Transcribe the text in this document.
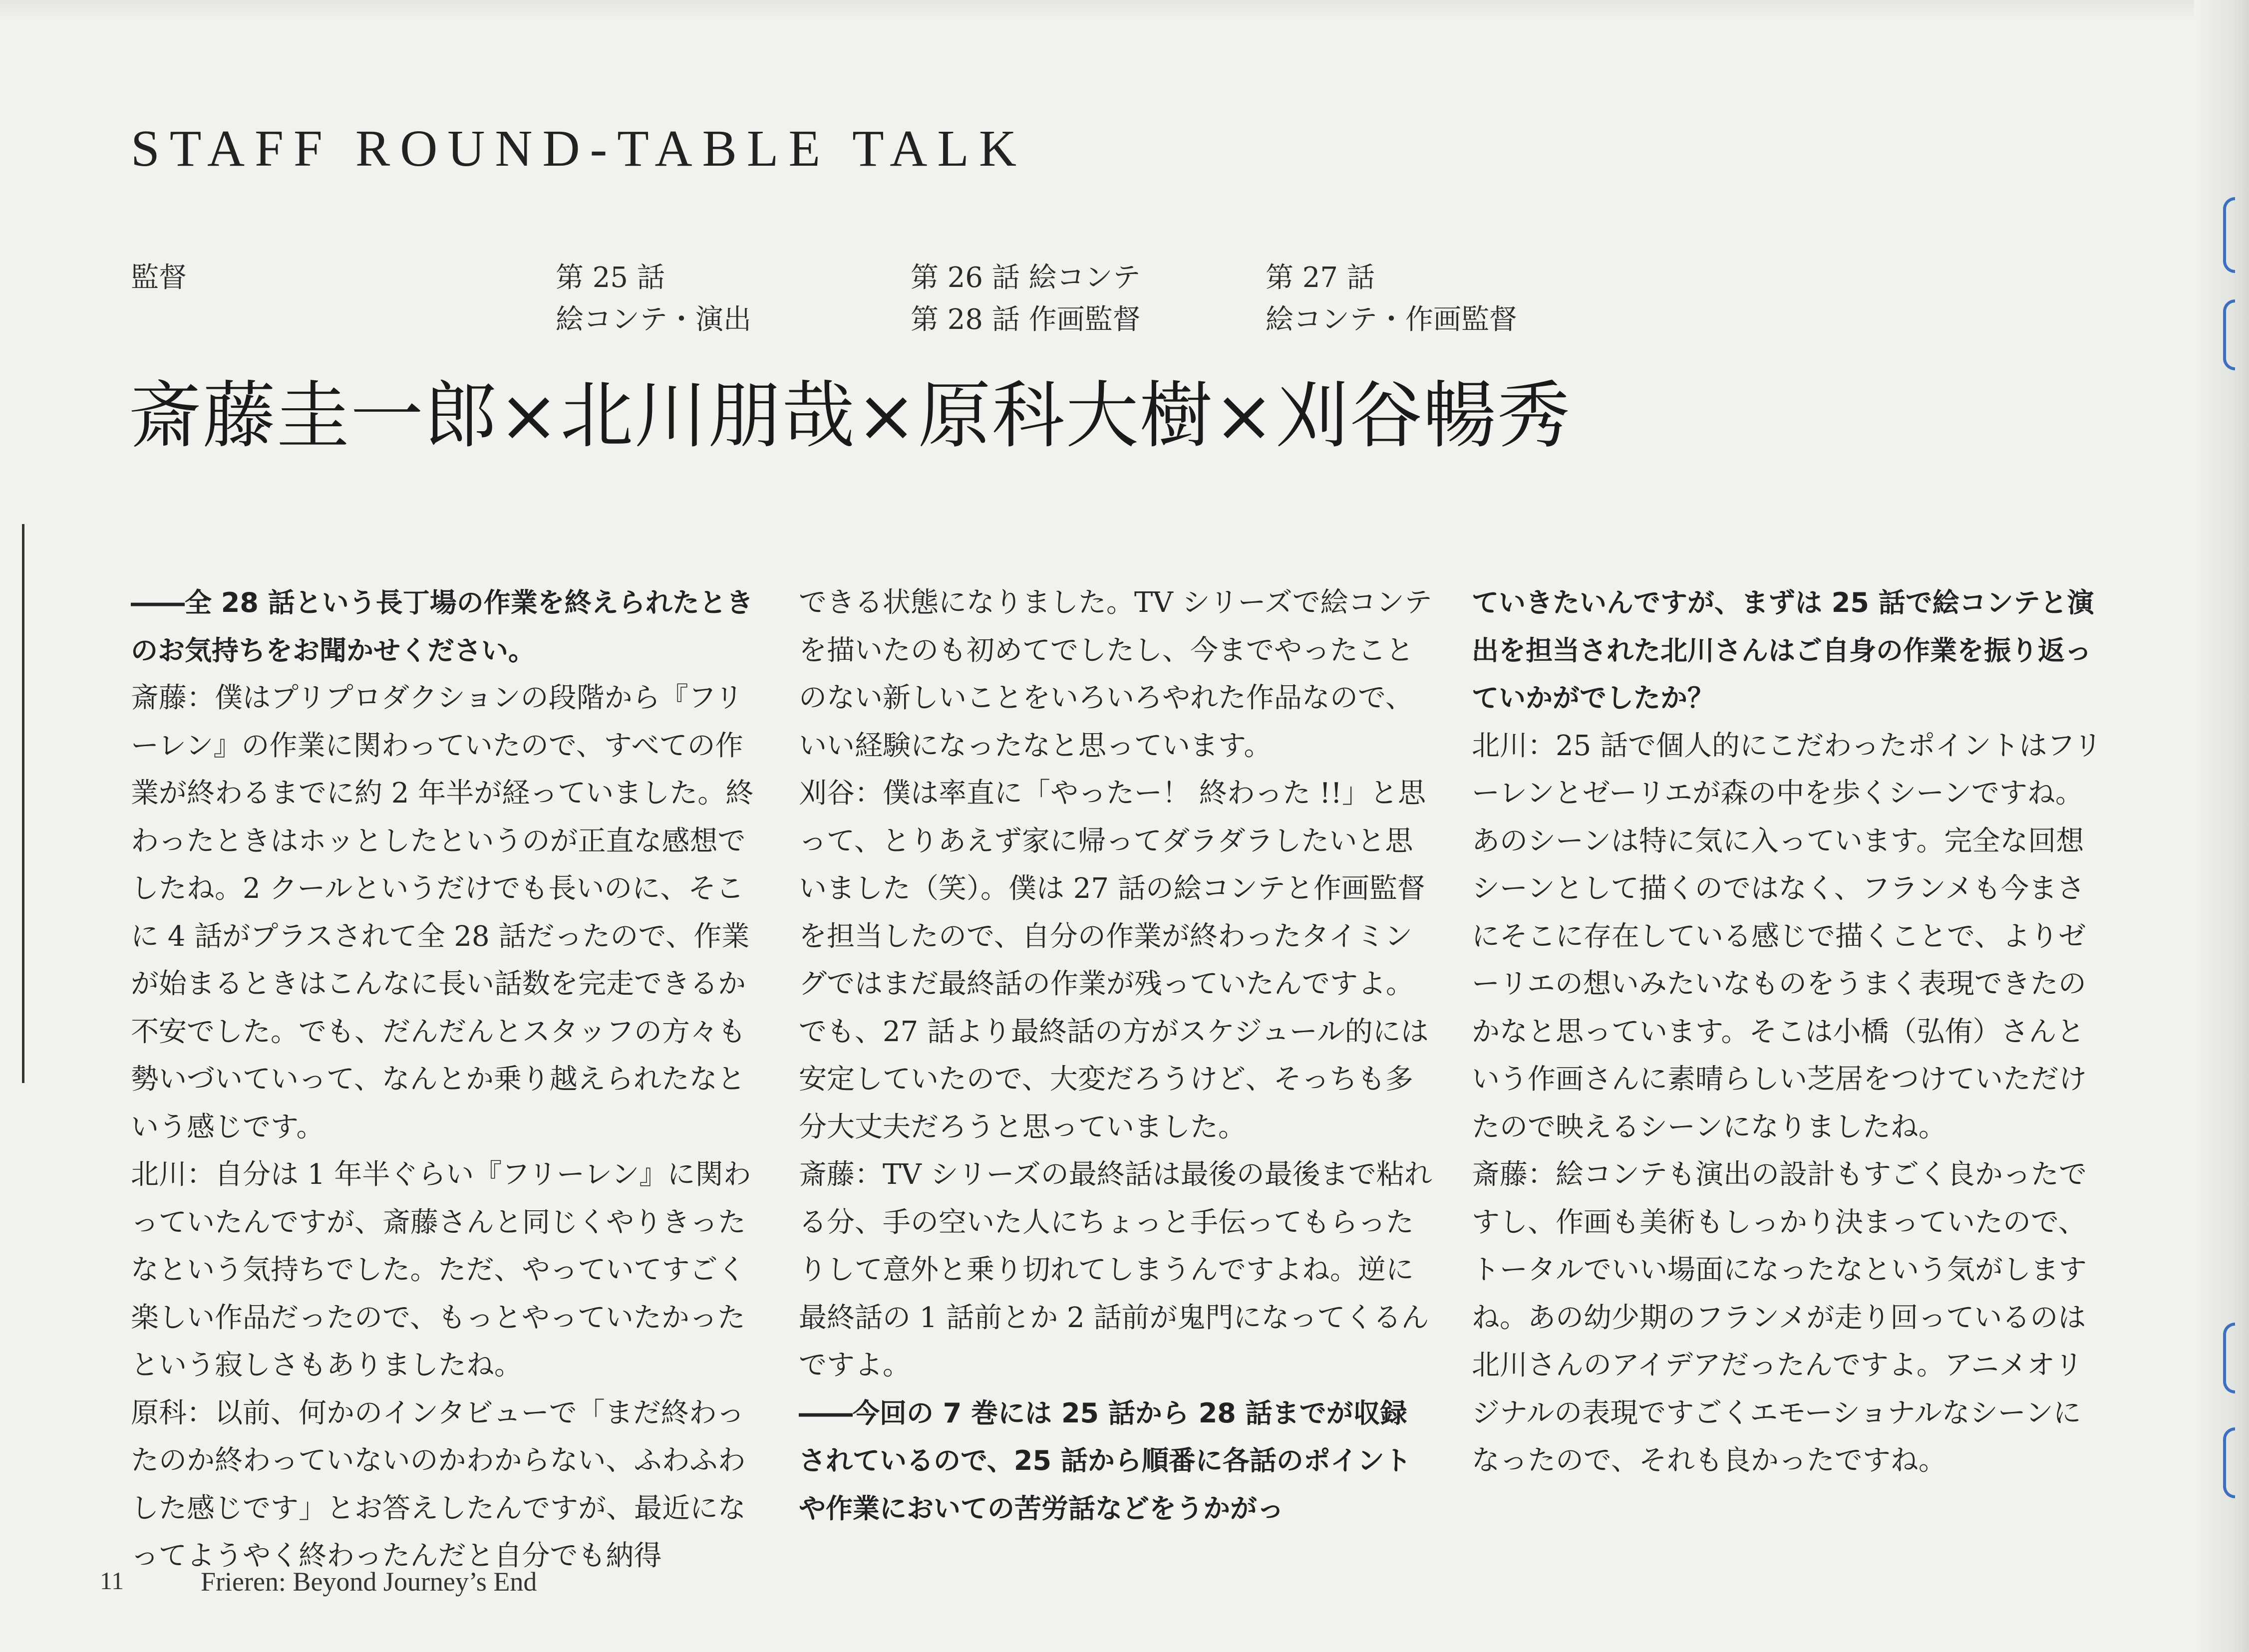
STAFF ROUND-TABLE TALK
監督	第 25 話
絵コンテ・演出
第 26 話 絵コンテ
第 28 話 作画監督
第 27 話
絵コンテ・作画監督
斎藤圭一郎×北川朋哉×原科大樹×刈谷暢秀

――全 28 話という長丁場の作業を終えられたときのお気持ちをお聞かせください。

斎藤：僕はプリプロダクションの段階から『フリーレン』の作業に関わっていたので、すべての作業が終わるまでに約 2 年半が経っていました。終わったときはホッとしたというのが正直な感想でしたね。2 クールというだけでも長いのに、そこに 4 話がプラスされて全 28 話だったので、作業が始まるときはこんなに長い話数を完走できるか不安でした。でも、だんだんとスタッフの方々も勢いづいていって、なんとか乗り越えられたなという感じです。

北川：自分は 1 年半ぐらい『フリーレン』に関わっていたんですが、斎藤さんと同じくやりきったなという気持ちでした。ただ、やっていてすごく楽しい作品だったので、もっとやっていたかったという寂しさもありましたね。

原科：以前、何かのインタビューで「まだ終わったのか終わっていないのかわからない、ふわふわした感じです」とお答えしたんですが、最近になってようやく終わったんだと自分でも納得

できる状態になりました。TV シリーズで絵コンテを描いたのも初めてでしたし、今までやったことのない新しいことをいろいろやれた作品なので、いい経験になったなと思っています。

刈谷：僕は率直に「やったー！ 終わった !!」と思って、とりあえず家に帰ってダラダラしたいと思いました（笑）。僕は 27 話の絵コンテと作画監督を担当したので、自分の作業が終わったタイミングではまだ最終話の作業が残っていたんですよ。でも、27 話より最終話の方がスケジュール的には安定していたので、大変だろうけど、そっちも多分大丈夫だろうと思っていました。

斎藤：TV シリーズの最終話は最後の最後まで粘れる分、手の空いた人にちょっと手伝ってもらったりして意外と乗り切れてしまうんですよね。逆に最終話の 1 話前とか 2 話前が鬼門になってくるんですよ。

――今回の 7 巻には 25 話から 28 話までが収録されているので、25 話から順番に各話のポイントや作業においての苦労話などをうかがっ

ていきたいんですが、まずは 25 話で絵コンテと演出を担当された北川さんはご自身の作業を振り返っていかがでしたか？

北川：25 話で個人的にこだわったポイントはフリーレンとゼーリエが森の中を歩くシーンですね。あのシーンは特に気に入っています。完全な回想シーンとして描くのではなく、フランメも今まさにそこに存在している感じで描くことで、よりゼーリエの想いみたいなものをうまく表現できたのかなと思っています。そこは小橋（弘侑）さんという作画さんに素晴らしい芝居をつけていただけたので映えるシーンになりましたね。

斎藤：絵コンテも演出の設計もすごく良かったですし、作画も美術もしっかり決まっていたので、トータルでいい場面になったなという気がしますね。あの幼少期のフランメが走り回っているのは北川さんのアイデアだったんですよ。アニメオリジナルの表現ですごくエモーショナルなシーンになったので、それも良かったですね。

11	Frieren: Beyond Journey’s End
